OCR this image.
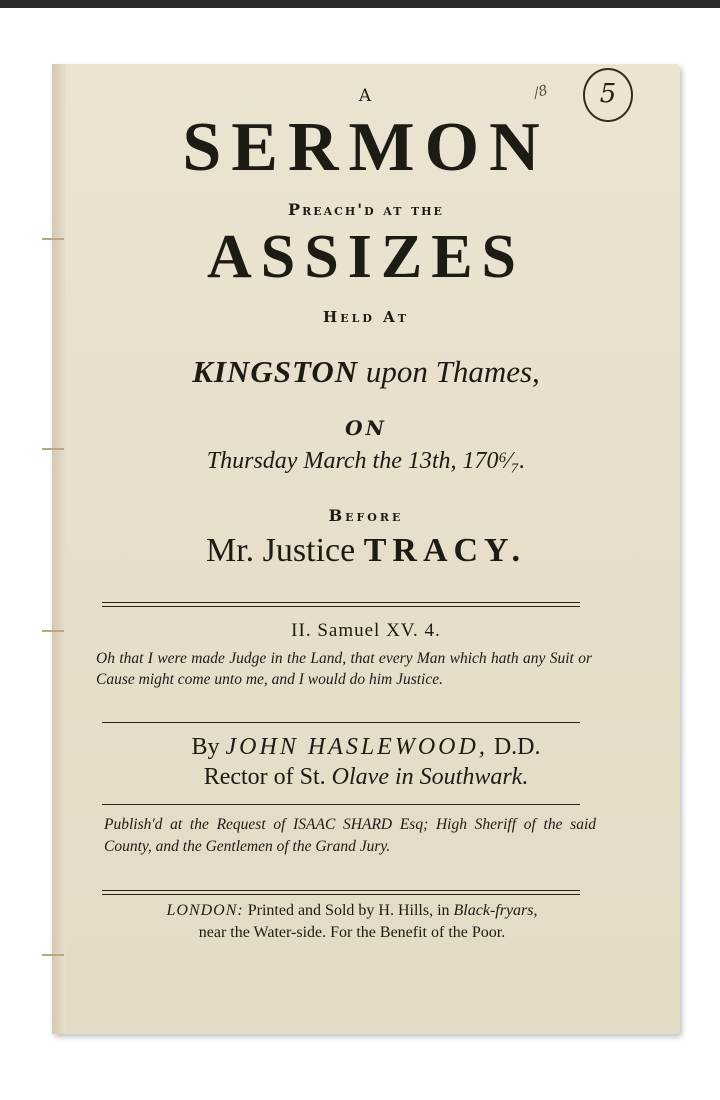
5
/8
A
SERMON
Preach'd at the
ASSIZES
Held At
KINGSTON upon Thames,
ON
Thursday March the 13th, 170⁶⁄₇.
Before
Mr. Justice TRACY.
II. Samuel XV. 4.
Oh that I were made Judge in the Land, that every Man which hath any Suit or Cause might come unto me, and I would do him Justice.
By JOHN HASLEWOOD, D.D.
Rector of St. Olave in Southwark.
Publish'd at the Request of ISAAC SHARD Esq; High Sheriff of the said County, and the Gentlemen of the Grand Jury.
LONDON: Printed and Sold by H. Hills, in Black-fryars,
near the Water-side. For the Benefit of the Poor.
